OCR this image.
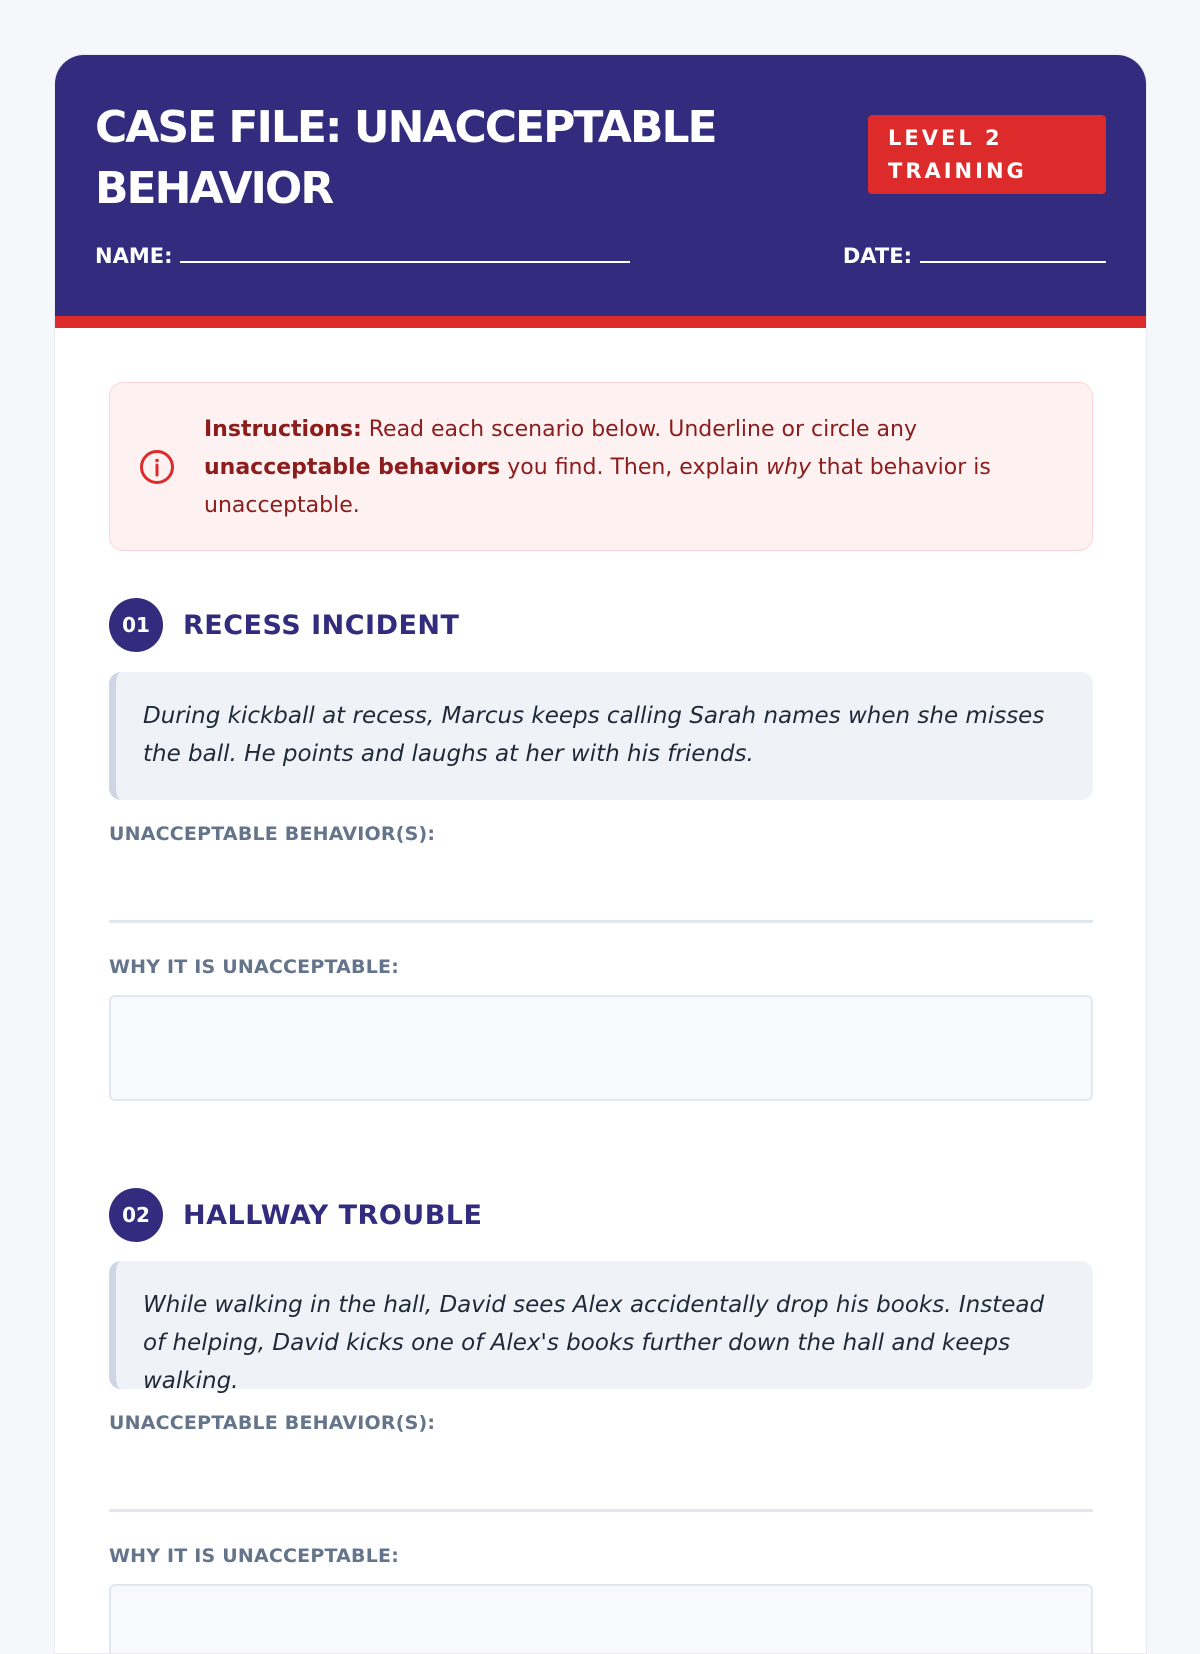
CASE FILE: UNACCEPTABLE BEHAVIOR
LEVEL 2 TRAINING
NAME:	DATE:

Instructions: Read each scenario below. Underline or circle any unacceptable behaviors you find. Then, explain why that behavior is unacceptable.

01	RECESS INCIDENT
During kickball at recess, Marcus keeps calling Sarah names when she misses the ball. He points and laughs at her with his friends.
UNACCEPTABLE BEHAVIOR(S):
WHY IT IS UNACCEPTABLE:
02	HALLWAY TROUBLE
While walking in the hall, David sees Alex accidentally drop his books. Instead of helping, David kicks one of Alex's books further down the hall and keeps walking.
UNACCEPTABLE BEHAVIOR(S):
WHY IT IS UNACCEPTABLE:
